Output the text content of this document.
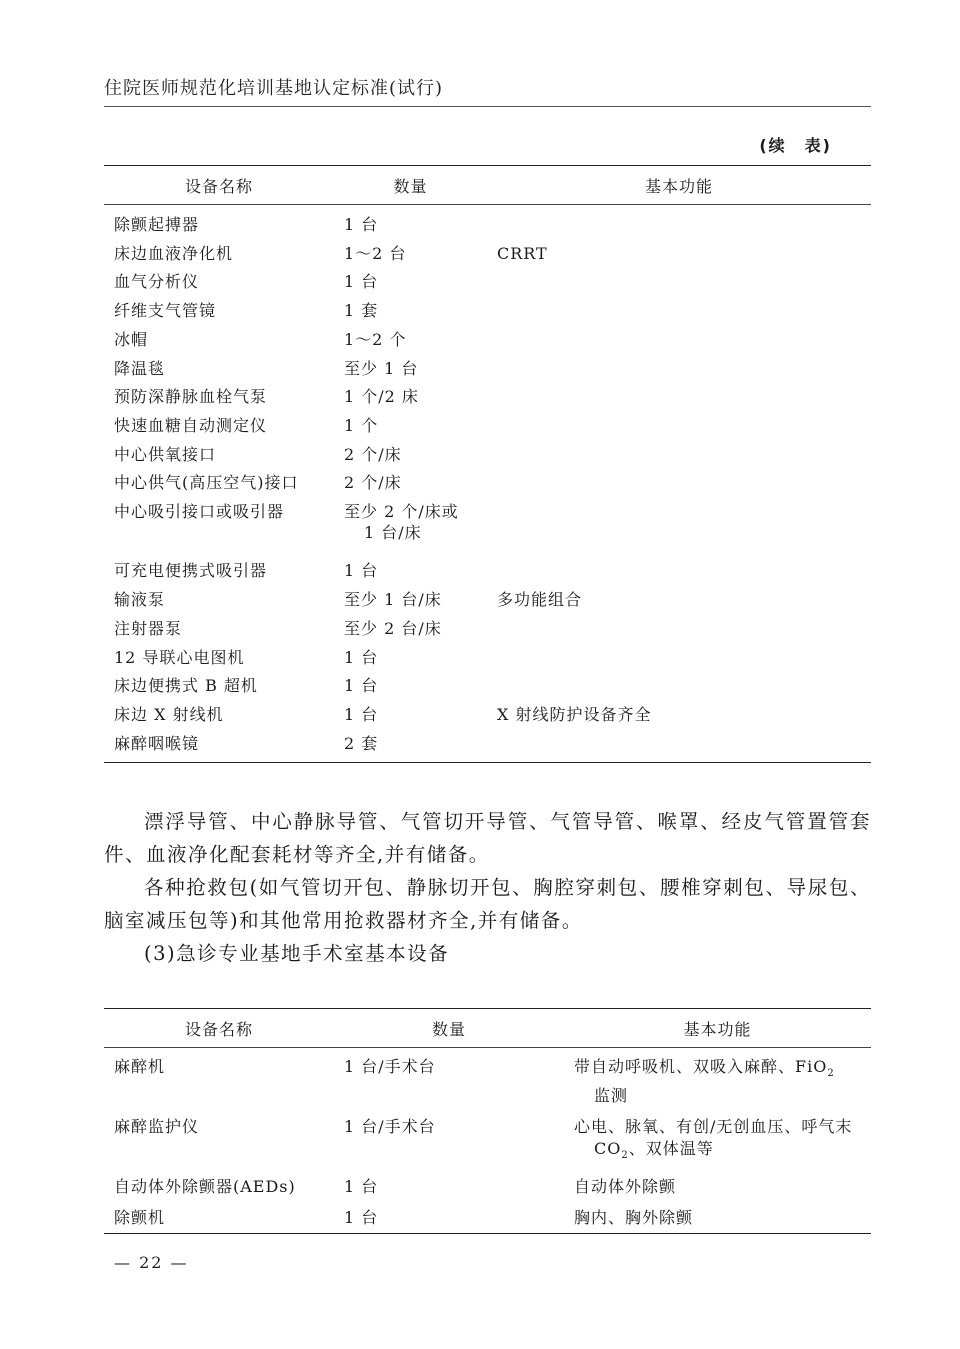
住院医师规范化培训基地认定标准(试行)
(续　表)
设备名称	数量	基本功能
除颤起搏器	1 台	
床边血液净化机	1～2 台	CRRT
血气分析仪	1 台	
纤维支气管镜	1 套	
冰帽	1～2 个	
降温毯	至少 1 台	
预防深静脉血栓气泵	1 个/2 床	
快速血糖自动测定仪	1 个	
中心供氧接口	2 个/床	
中心供气(高压空气)接口	2 个/床	
中心吸引接口或吸引器	至少 2 个/床或
1 台/床	

可充电便携式吸引器	1 台	
输液泵	至少 1 台/床	多功能组合
注射器泵	至少 2 台/床	
12 导联心电图机	1 台	
床边便携式 B 超机	1 台	
床边 X 射线机	1 台	X 射线防护设备齐全
麻醉咽喉镜	2 套	

漂浮导管、中心静脉导管、气管切开导管、气管导管、喉罩、经皮气管置管套件、血液净化配套耗材等齐全,并有储备。

各种抢救包(如气管切开包、静脉切开包、胸腔穿刺包、腰椎穿刺包、导尿包、脑室减压包等)和其他常用抢救器材齐全,并有储备。

(3)急诊专业基地手术室基本设备

设备名称	数量	基本功能
麻醉机	1 台/手术台	带自动呼吸机、双吸入麻醉、FiO$_2$
监测

麻醉监护仪	1 台/手术台	心电、脉氧、有创/无创血压、呼气末
$CO_2$、双体温等

自动体外除颤器(AEDs)	1 台	自动体外除颤
除颤机	1 台	胸内、胸外除颤
— 22 —
